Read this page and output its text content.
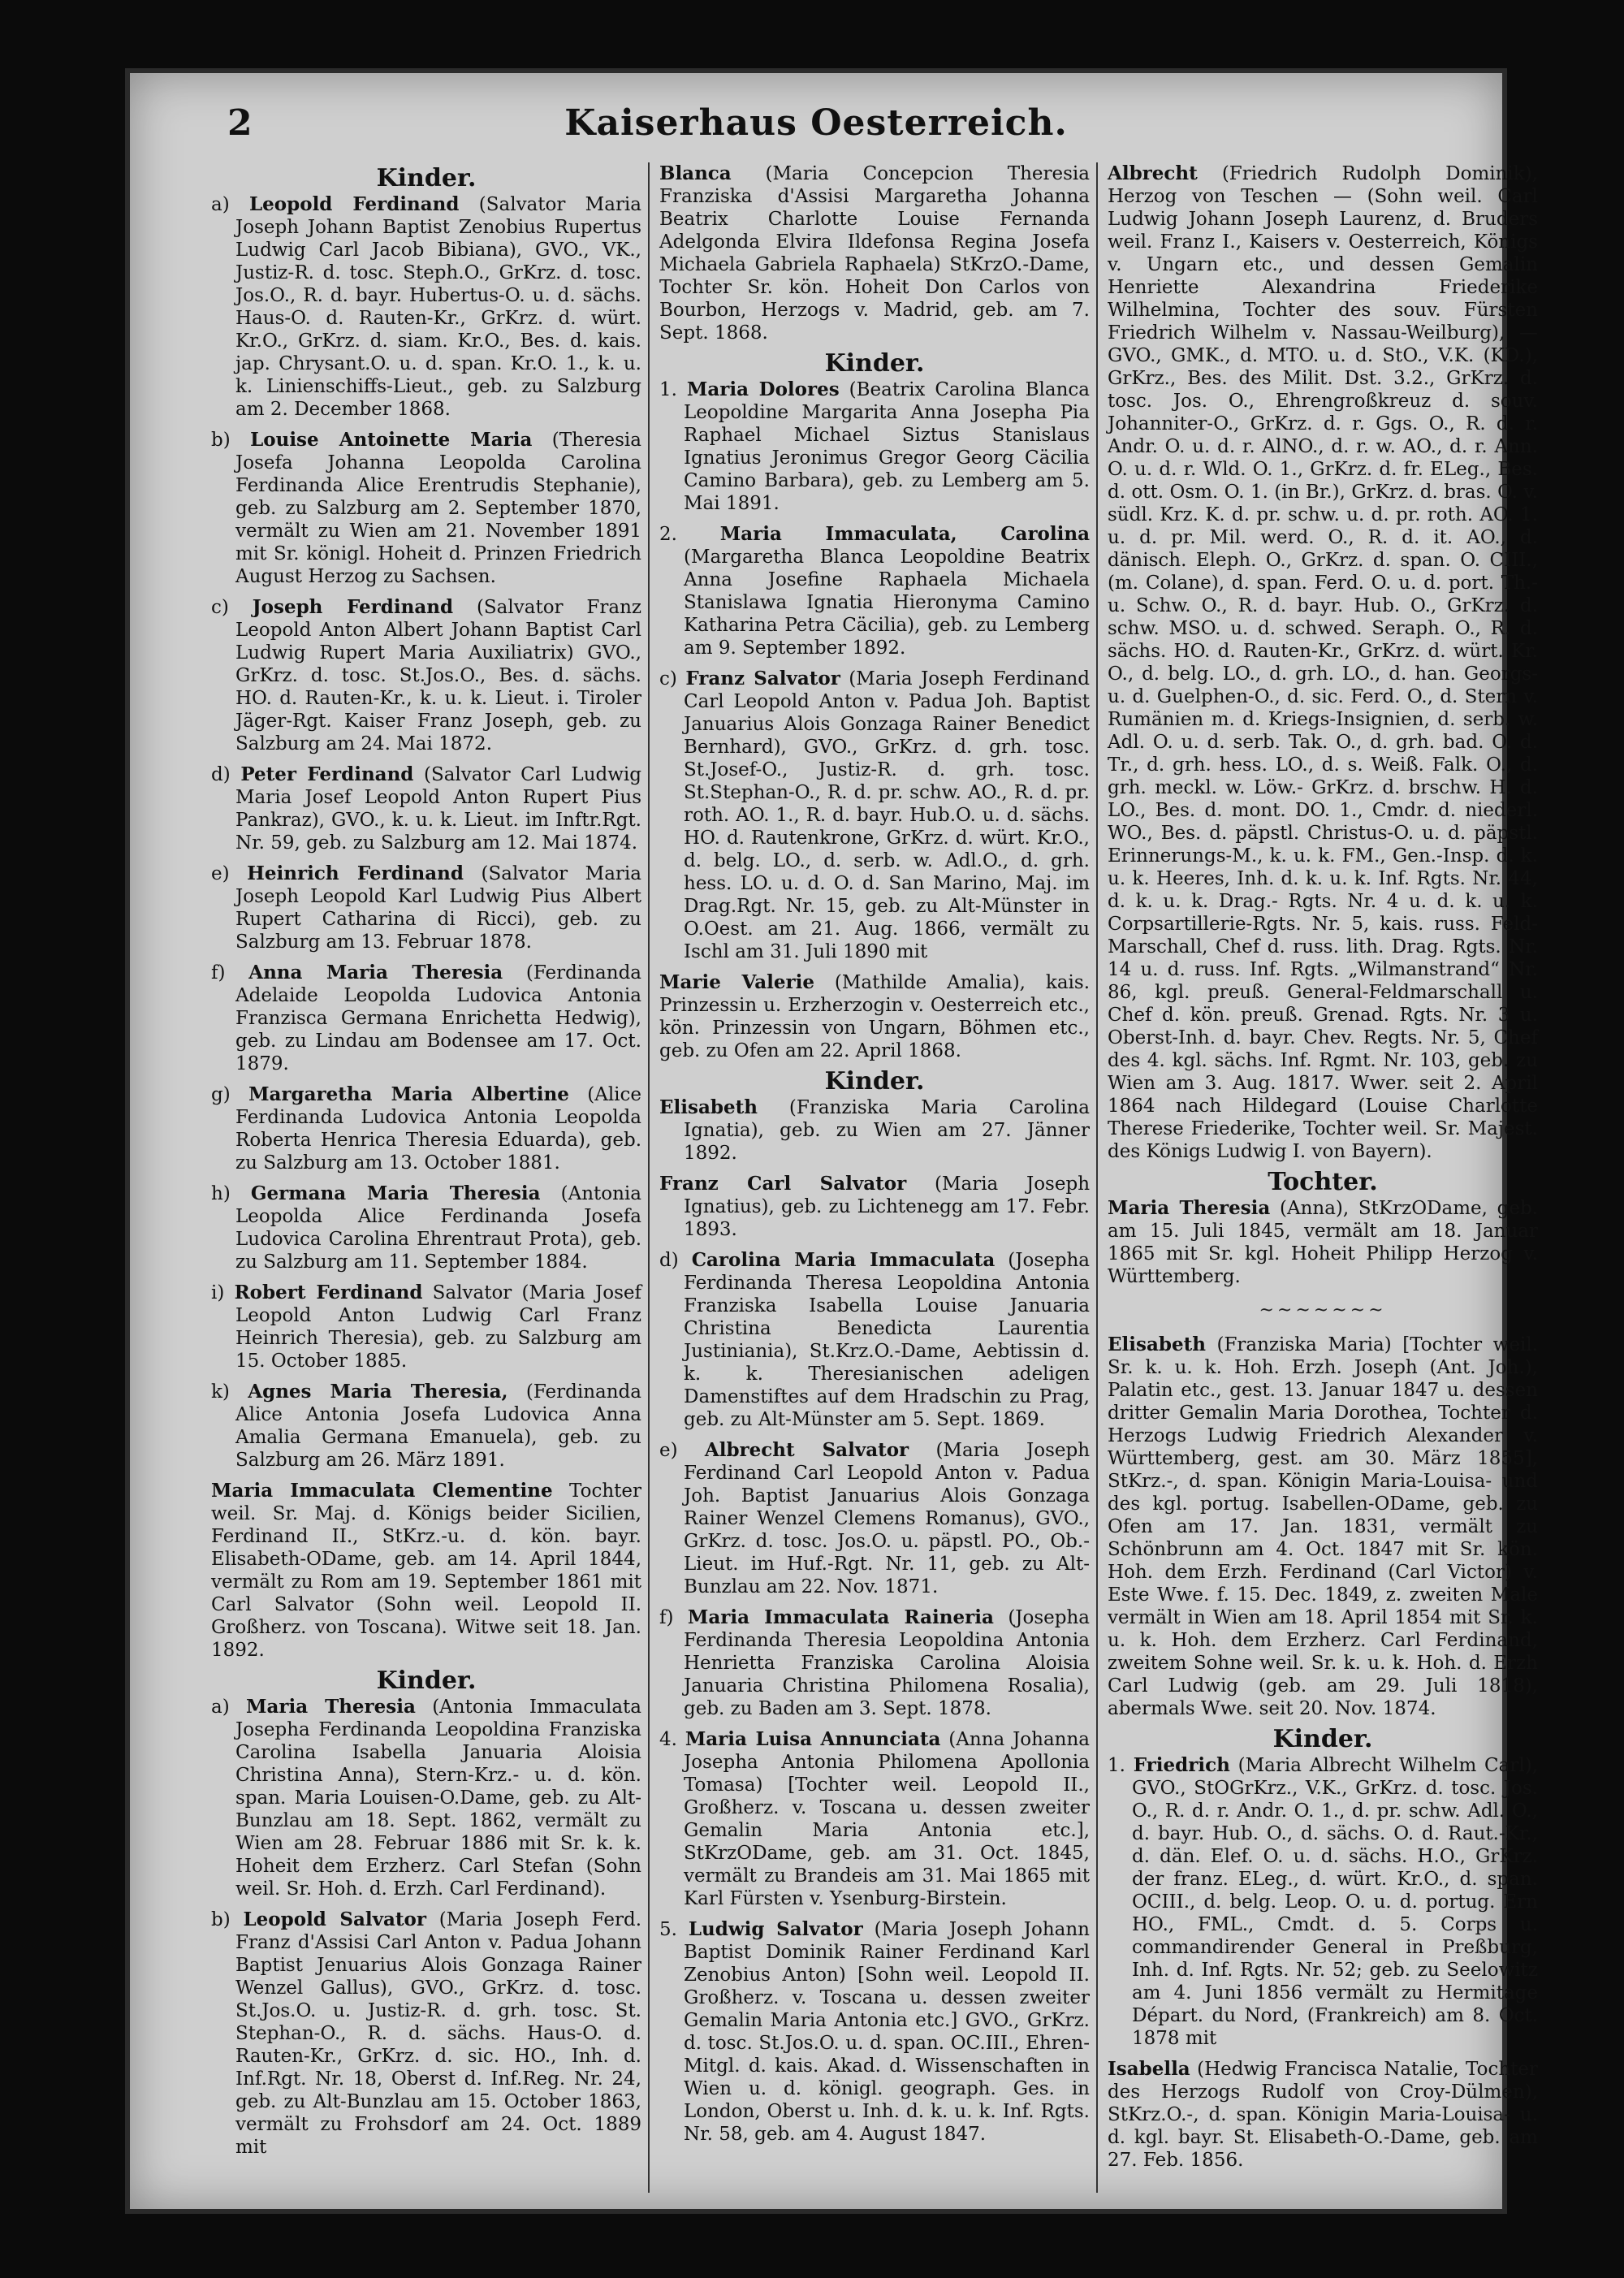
2	Kaiserhaus Oesterreich.
Kinder.
a) Leopold Ferdinand (Salvator Maria Joseph Johann Baptist Zenobius Rupertus Ludwig Carl Jacob Bibiana), GVO., VK., Justiz-R. d. tosc. Steph.O., GrKrz. d. tosc. Jos.O., R. d. bayr. Hubertus-O. u. d. sächs. Haus-O. d. Rauten-Kr., GrKrz. d. würt. Kr.O., GrKrz. d. siam. Kr.O., Bes. d. kais. jap. Chrysant.O. u. d. span. Kr.O. 1., k. u. k. Linienschiffs-Lieut., geb. zu Salzburg am 2. December 1868.
b) Louise Antoinette Maria (Theresia Josefa Johanna Leopolda Carolina Ferdinanda Alice Erentrudis Stephanie), geb. zu Salzburg am 2. September 1870, vermält zu Wien am 21. November 1891 mit Sr. königl. Hoheit d. Prinzen Friedrich August Herzog zu Sachsen.
c) Joseph Ferdinand (Salvator Franz Leopold Anton Albert Johann Baptist Carl Ludwig Rupert Maria Auxiliatrix) GVO., GrKrz. d. tosc. St.Jos.O., Bes. d. sächs. HO. d. Rauten-Kr., k. u. k. Lieut. i. Tiroler Jäger-Rgt. Kaiser Franz Joseph, geb. zu Salzburg am 24. Mai 1872.
d) Peter Ferdinand (Salvator Carl Ludwig Maria Josef Leopold Anton Rupert Pius Pankraz), GVO., k. u. k. Lieut. im Inftr.Rgt. Nr. 59, geb. zu Salzburg am 12. Mai 1874.
e) Heinrich Ferdinand (Salvator Maria Joseph Leopold Karl Ludwig Pius Albert Rupert Catharina di Ricci), geb. zu Salzburg am 13. Februar 1878.
f) Anna Maria Theresia (Ferdinanda Adelaide Leopolda Ludovica Antonia Franzisca Germana Enrichetta Hedwig), geb. zu Lindau am Bodensee am 17. Oct. 1879.
g) Margaretha Maria Albertine (Alice Ferdinanda Ludovica Antonia Leopolda Roberta Henrica Theresia Eduarda), geb. zu Salzburg am 13. October 1881.
h) Germana Maria Theresia (Antonia Leopolda Alice Ferdinanda Josefa Ludovica Carolina Ehrentraut Prota), geb. zu Salzburg am 11. September 1884.
i) Robert Ferdinand Salvator (Maria Josef Leopold Anton Ludwig Carl Franz Heinrich Theresia), geb. zu Salzburg am 15. October 1885.
k) Agnes Maria Theresia, (Ferdinanda Alice Antonia Josefa Ludovica Anna Amalia Germana Emanuela), geb. zu Salzburg am 26. März 1891.
Maria Immaculata Clementine Tochter weil. Sr. Maj. d. Königs beider Sicilien, Ferdinand II., StKrz.-u. d. kön. bayr. Elisabeth-ODame, geb. am 14. April 1844, vermält zu Rom am 19. September 1861 mit Carl Salvator (Sohn weil. Leopold II. Großherz. von Toscana). Witwe seit 18. Jan. 1892.
Kinder.
a) Maria Theresia (Antonia Immaculata Josepha Ferdinanda Leopoldina Franziska Carolina Isabella Januaria Aloisia Christina Anna), Stern-Krz.- u. d. kön. span. Maria Louisen-O.Dame, geb. zu Alt-Bunzlau am 18. Sept. 1862, vermält zu Wien am 28. Februar 1886 mit Sr. k. k. Hoheit dem Erzherz. Carl Stefan (Sohn weil. Sr. Hoh. d. Erzh. Carl Ferdinand).
b) Leopold Salvator (Maria Joseph Ferd. Franz d'Assisi Carl Anton v. Padua Johann Baptist Jenuarius Alois Gonzaga Rainer Wenzel Gallus), GVO., GrKrz. d. tosc. St.Jos.O. u. Justiz-R. d. grh. tosc. St. Stephan-O., R. d. sächs. Haus-O. d. Rauten-Kr., GrKrz. d. sic. HO., Inh. d. Inf.Rgt. Nr. 18, Oberst d. Inf.Reg. Nr. 24, geb. zu Alt-Bunzlau am 15. October 1863, vermält zu Frohsdorf am 24. Oct. 1889 mit
Blanca (Maria Concepcion Theresia Franziska d'Assisi Margaretha Johanna Beatrix Charlotte Louise Fernanda Adelgonda Elvira Ildefonsa Regina Josefa Michaela Gabriela Raphaela) StKrzO.-Dame, Tochter Sr. kön. Hoheit Don Carlos von Bourbon, Herzogs v. Madrid, geb. am 7. Sept. 1868.
Kinder.
1. Maria Dolores (Beatrix Carolina Blanca Leopoldine Margarita Anna Josepha Pia Raphael Michael Siztus Stanislaus Ignatius Jeronimus Gregor Georg Cäcilia Camino Barbara), geb. zu Lemberg am 5. Mai 1891.
2. Maria Immaculata, Carolina (Margaretha Blanca Leopoldine Beatrix Anna Josefine Raphaela Michaela Stanislawa Ignatia Hieronyma Camino Katharina Petra Cäcilia), geb. zu Lemberg am 9. September 1892.
c) Franz Salvator (Maria Joseph Ferdinand Carl Leopold Anton v. Padua Joh. Baptist Januarius Alois Gonzaga Rainer Benedict Bernhard), GVO., GrKrz. d. grh. tosc. St.Josef-O., Justiz-R. d. grh. tosc. St.Stephan-O., R. d. pr. schw. AO., R. d. pr. roth. AO. 1., R. d. bayr. Hub.O. u. d. sächs. HO. d. Rautenkrone, GrKrz. d. würt. Kr.O., d. belg. LO., d. serb. w. Adl.O., d. grh. hess. LO. u. d. O. d. San Marino, Maj. im Drag.Rgt. Nr. 15, geb. zu Alt-Münster in O.Oest. am 21. Aug. 1866, vermält zu Ischl am 31. Juli 1890 mit
Marie Valerie (Mathilde Amalia), kais. Prinzessin u. Erzherzogin v. Oesterreich etc., kön. Prinzessin von Ungarn, Böhmen etc., geb. zu Ofen am 22. April 1868.
Kinder.
Elisabeth (Franziska Maria Carolina Ignatia), geb. zu Wien am 27. Jänner 1892.
Franz Carl Salvator (Maria Joseph Ignatius), geb. zu Lichtenegg am 17. Febr. 1893.
d) Carolina Maria Immaculata (Josepha Ferdinanda Theresa Leopoldina Antonia Franziska Isabella Louise Januaria Christina Benedicta Laurentia Justiniania), St.Krz.O.-Dame, Aebtissin d. k. k. Theresianischen adeligen Damenstiftes auf dem Hradschin zu Prag, geb. zu Alt-Münster am 5. Sept. 1869.
e) Albrecht Salvator (Maria Joseph Ferdinand Carl Leopold Anton v. Padua Joh. Baptist Januarius Alois Gonzaga Rainer Wenzel Clemens Romanus), GVO., GrKrz. d. tosc. Jos.O. u. päpstl. PO., Ob.-Lieut. im Huf.-Rgt. Nr. 11, geb. zu Alt-Bunzlau am 22. Nov. 1871.
f) Maria Immaculata Raineria (Josepha Ferdinanda Theresia Leopoldina Antonia Henrietta Franziska Carolina Aloisia Januaria Christina Philomena Rosalia), geb. zu Baden am 3. Sept. 1878.
4. Maria Luisa Annunciata (Anna Johanna Josepha Antonia Philomena Apollonia Tomasa) [Tochter weil. Leopold II., Großherz. v. Toscana u. dessen zweiter Gemalin Maria Antonia etc.], StKrzODame, geb. am 31. Oct. 1845, vermält zu Brandeis am 31. Mai 1865 mit Karl Fürsten v. Ysenburg-Birstein.
5. Ludwig Salvator (Maria Joseph Johann Baptist Dominik Rainer Ferdinand Karl Zenobius Anton) [Sohn weil. Leopold II. Großherz. v. Toscana u. dessen zweiter Gemalin Maria Antonia etc.] GVO., GrKrz. d. tosc. St.Jos.O. u. d. span. OC.III., Ehren-Mitgl. d. kais. Akad. d. Wissenschaften in Wien u. d. königl. geograph. Ges. in London, Oberst u. Inh. d. k. u. k. Inf. Rgts. Nr. 58, geb. am 4. August 1847.
Albrecht (Friedrich Rudolph Dominik), Herzog von Teschen — (Sohn weil. Carl Ludwig Johann Joseph Laurenz, d. Bruders weil. Franz I., Kaisers v. Oesterreich, Königs v. Ungarn etc., und dessen Gemalin Henriette Alexandrina Friederike Wilhelmina, Tochter des souv. Fürsten Friedrich Wilhelm v. Nassau-Weilburg), — GVO., GMK., d. MTO. u. d. StO., V.K. (KD.), GrKrz., Bes. des Milit. Dst. 3.2., GrKrz. d. tosc. Jos. O., Ehrengroßkreuz d. souv. Johanniter-O., GrKrz. d. r. Ggs. O., R. d. r. Andr. O. u. d. r. AlNO., d. r. w. AO., d. r. Ann. O. u. d. r. Wld. O. 1., GrKrz. d. fr. ELeg., Bes. d. ott. Osm. O. 1. (in Br.), GrKrz. d. bras. O. v. südl. Krz. K. d. pr. schw. u. d. pr. roth. AO. 1. u. d. pr. Mil. werd. O., R. d. it. AO., d. dänisch. Eleph. O., GrKrz. d. span. O. CIII., (m. Colane), d. span. Ferd. O. u. d. port. Th.- u. Schw. O., R. d. bayr. Hub. O., GrKrz. d. schw. MSO. u. d. schwed. Seraph. O., R. d. sächs. HO. d. Rauten-Kr., GrKrz. d. würt. Kr. O., d. belg. LO., d. grh. LO., d. han. Georgs- u. d. Guelphen-O., d. sic. Ferd. O., d. Stern v. Rumänien m. d. Kriegs-Insignien, d. serb. w. Adl. O. u. d. serb. Tak. O., d. grh. bad. O. d. Tr., d. grh. hess. LO., d. s. Weiß. Falk. O., d. grh. meckl. w. Löw.- GrKrz. d. brschw. H. d. LO., Bes. d. mont. DO. 1., Cmdr. d. niederl. WO., Bes. d. päpstl. Christus-O. u. d. päpstl. Erinnerungs-M., k. u. k. FM., Gen.-Insp. d. k. u. k. Heeres, Inh. d. k. u. k. Inf. Rgts. Nr. 44, d. k. u. k. Drag.- Rgts. Nr. 4 u. d. k. u. k. Corpsartillerie-Rgts. Nr. 5, kais. russ. Feld- Marschall, Chef d. russ. lith. Drag. Rgts. Nr. 14 u. d. russ. Inf. Rgts. „Wilmanstrand“ Nr. 86, kgl. preuß. General-Feldmarschall u. Chef d. kön. preuß. Grenad. Rgts. Nr. 3 u. Oberst-Inh. d. bayr. Chev. Regts. Nr. 5, Chef des 4. kgl. sächs. Inf. Rgmt. Nr. 103, geb. zu Wien am 3. Aug. 1817. Wwer. seit 2. April 1864 nach Hildegard (Louise Charlotte Therese Friederike, Tochter weil. Sr. Majest. des Königs Ludwig I. von Bayern).
Tochter.
Maria Theresia (Anna), StKrzODame, geb. am 15. Juli 1845, vermält am 18. Januar 1865 mit Sr. kgl. Hoheit Philipp Herzog v. Württemberg.
~~~~~~~
Elisabeth (Franziska Maria) [Tochter weil. Sr. k. u. k. Hoh. Erzh. Joseph (Ant. Joh.), Palatin etc., gest. 13. Januar 1847 u. dessen dritter Gemalin Maria Dorothea, Tochter d. Herzogs Ludwig Friedrich Alexander v. Württemberg, gest. am 30. März 1855], StKrz.-, d. span. Königin Maria-Louisa- und des kgl. portug. Isabellen-ODame, geb. zu Ofen am 17. Jan. 1831, vermält zu Schönbrunn am 4. Oct. 1847 mit Sr. kön. Hoh. dem Erzh. Ferdinand (Carl Victor) v. Este Wwe. f. 15. Dec. 1849, z. zweiten Male vermält in Wien am 18. April 1854 mit Sr. k. u. k. Hoh. dem Erzherz. Carl Ferdinand, zweitem Sohne weil. Sr. k. u. k. Hoh. d. Erzh Carl Ludwig (geb. am 29. Juli 1818), abermals Wwe. seit 20. Nov. 1874.
Kinder.
1. Friedrich (Maria Albrecht Wilhelm Carl), GVO., StOGrKrz., V.K., GrKrz. d. tosc. Jos. O., R. d. r. Andr. O. 1., d. pr. schw. Adl. O., d. bayr. Hub. O., d. sächs. O. d. Raut.-Kr., d. dän. Elef. O. u. d. sächs. H.O., GrKrz. der franz. ELeg., d. würt. Kr.O., d. span. OCIII., d. belg. Leop. O. u. d. portug. Ern HO., FML., Cmdt. d. 5. Corps u. commandirender General in Preßburg, Inh. d. Inf. Rgts. Nr. 52; geb. zu Seelowitz am 4. Juni 1856 vermält zu Hermitage Départ. du Nord, (Frankreich) am 8. Oct. 1878 mit
Isabella (Hedwig Francisca Natalie, Tochter des Herzogs Rudolf von Croy-Dülmen), StKrz.O.-, d. span. Königin Maria-Louisa- u. d. kgl. bayr. St. Elisabeth-O.-Dame, geb. am 27. Feb. 1856.
